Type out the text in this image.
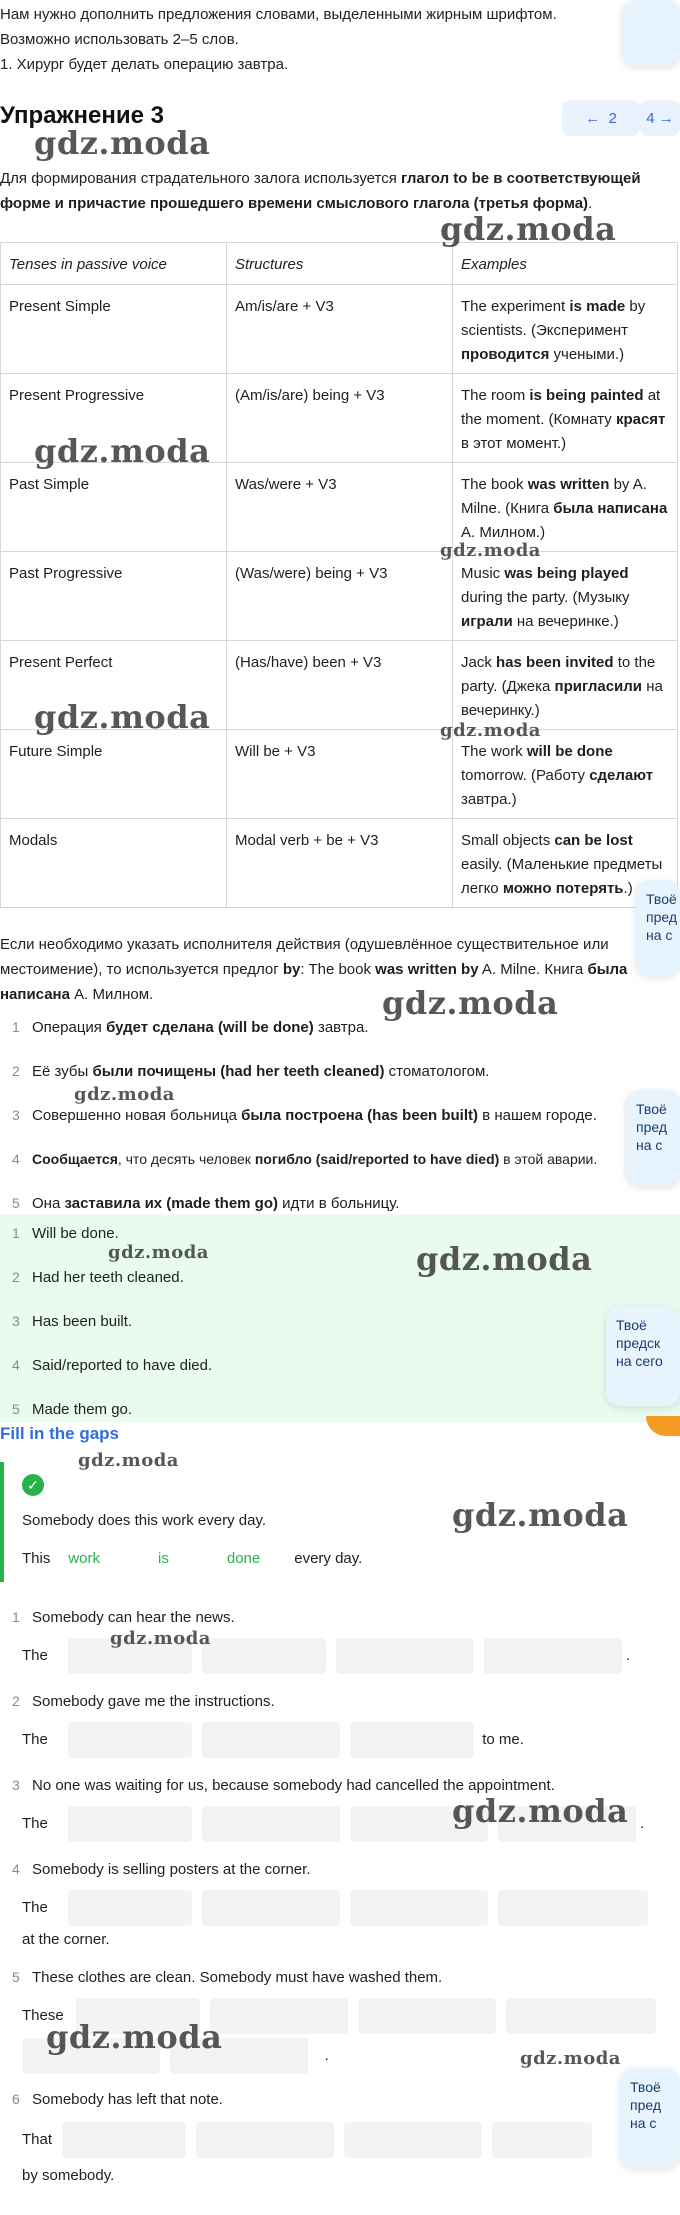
Нам нужно дополнить предложения словами, выделенными жирным шрифтом.
Возможно использовать 2–5 слов.
1. Хирург будет делать операцию завтра.
Упражнение 3	←
2 4
→
Для формирования страдательного залога используется глагол to be в соответствующей форме и причастие прошедшего времени смыслового глагола (третья форма).
Tenses in passive voice	Structures	Examples
Present Simple	Am/is/are + V3	The experiment is made by scientists. (Эксперимент проводится учеными.)
Present Progressive	(Am/is/are) being + V3	The room is being painted at the moment. (Комнату красят в этот момент.)
Past Simple	Was/were + V3	The book was written by A. Milne. (Книга была написана А. Милном.)
Past Progressive	(Was/were) being + V3	Music was being played during the party. (Музыку играли на вечеринке.)
Present Perfect	(Has/have) been + V3	Jack has been invited to the party. (Джека пригласили на вечеринку.)
Future Simple	Will be + V3	The work will be done tomorrow. (Работу сделают завтра.)
Modals	Modal verb + be + V3	Small objects can be lost easily. (Маленькие предметы легко можно потерять.)
Если необходимо указать исполнителя действия (одушевлённое существительное или местоимение), то используется предлог by: The book was written by A. Milne. Книга была написана А. Милном.
1 Операция будет сделана (will be done) завтра.
2 Её зубы были почищены (had her teeth cleaned) стоматологом.
3 Совершенно новая больница была построена (has been built) в нашем городе.
4 Сообщается, что десять человек погибло (said/reported to have died) в этой аварии.
5 Она заставила их (made them go) идти в больницу.
1 Will be done.
2 Had her teeth cleaned.
3 Has been built.
4 Said/reported to have died.
5 Made them go.
Fill in the gaps
✓
Somebody does this work every day.
This work	is	done every day.
1 Somebody can hear the news.
The	.
2 Somebody gave me the instructions.
The	to me.
3 No one was waiting for us, because somebody had cancelled the appointment.
The	.
4 Somebody is selling posters at the corner.
The
at the corner.
5 These clothes are clean. Somebody must have washed them.
These
.
6 Somebody has left that note.
That
by somebody.
Твоё
пред
на с
Твоё
пред
на с
Твоё
предск
на сего
Твоё
пред
на с
gdz.moda
gdz.moda
gdz.moda
gdz.moda
gdz.moda	gdz.moda
gdz.moda
gdz.moda
gdz.moda	gdz.moda
gdz.moda
gdz.moda
gdz.moda
gdz.moda
gdz.moda
gdz.moda
